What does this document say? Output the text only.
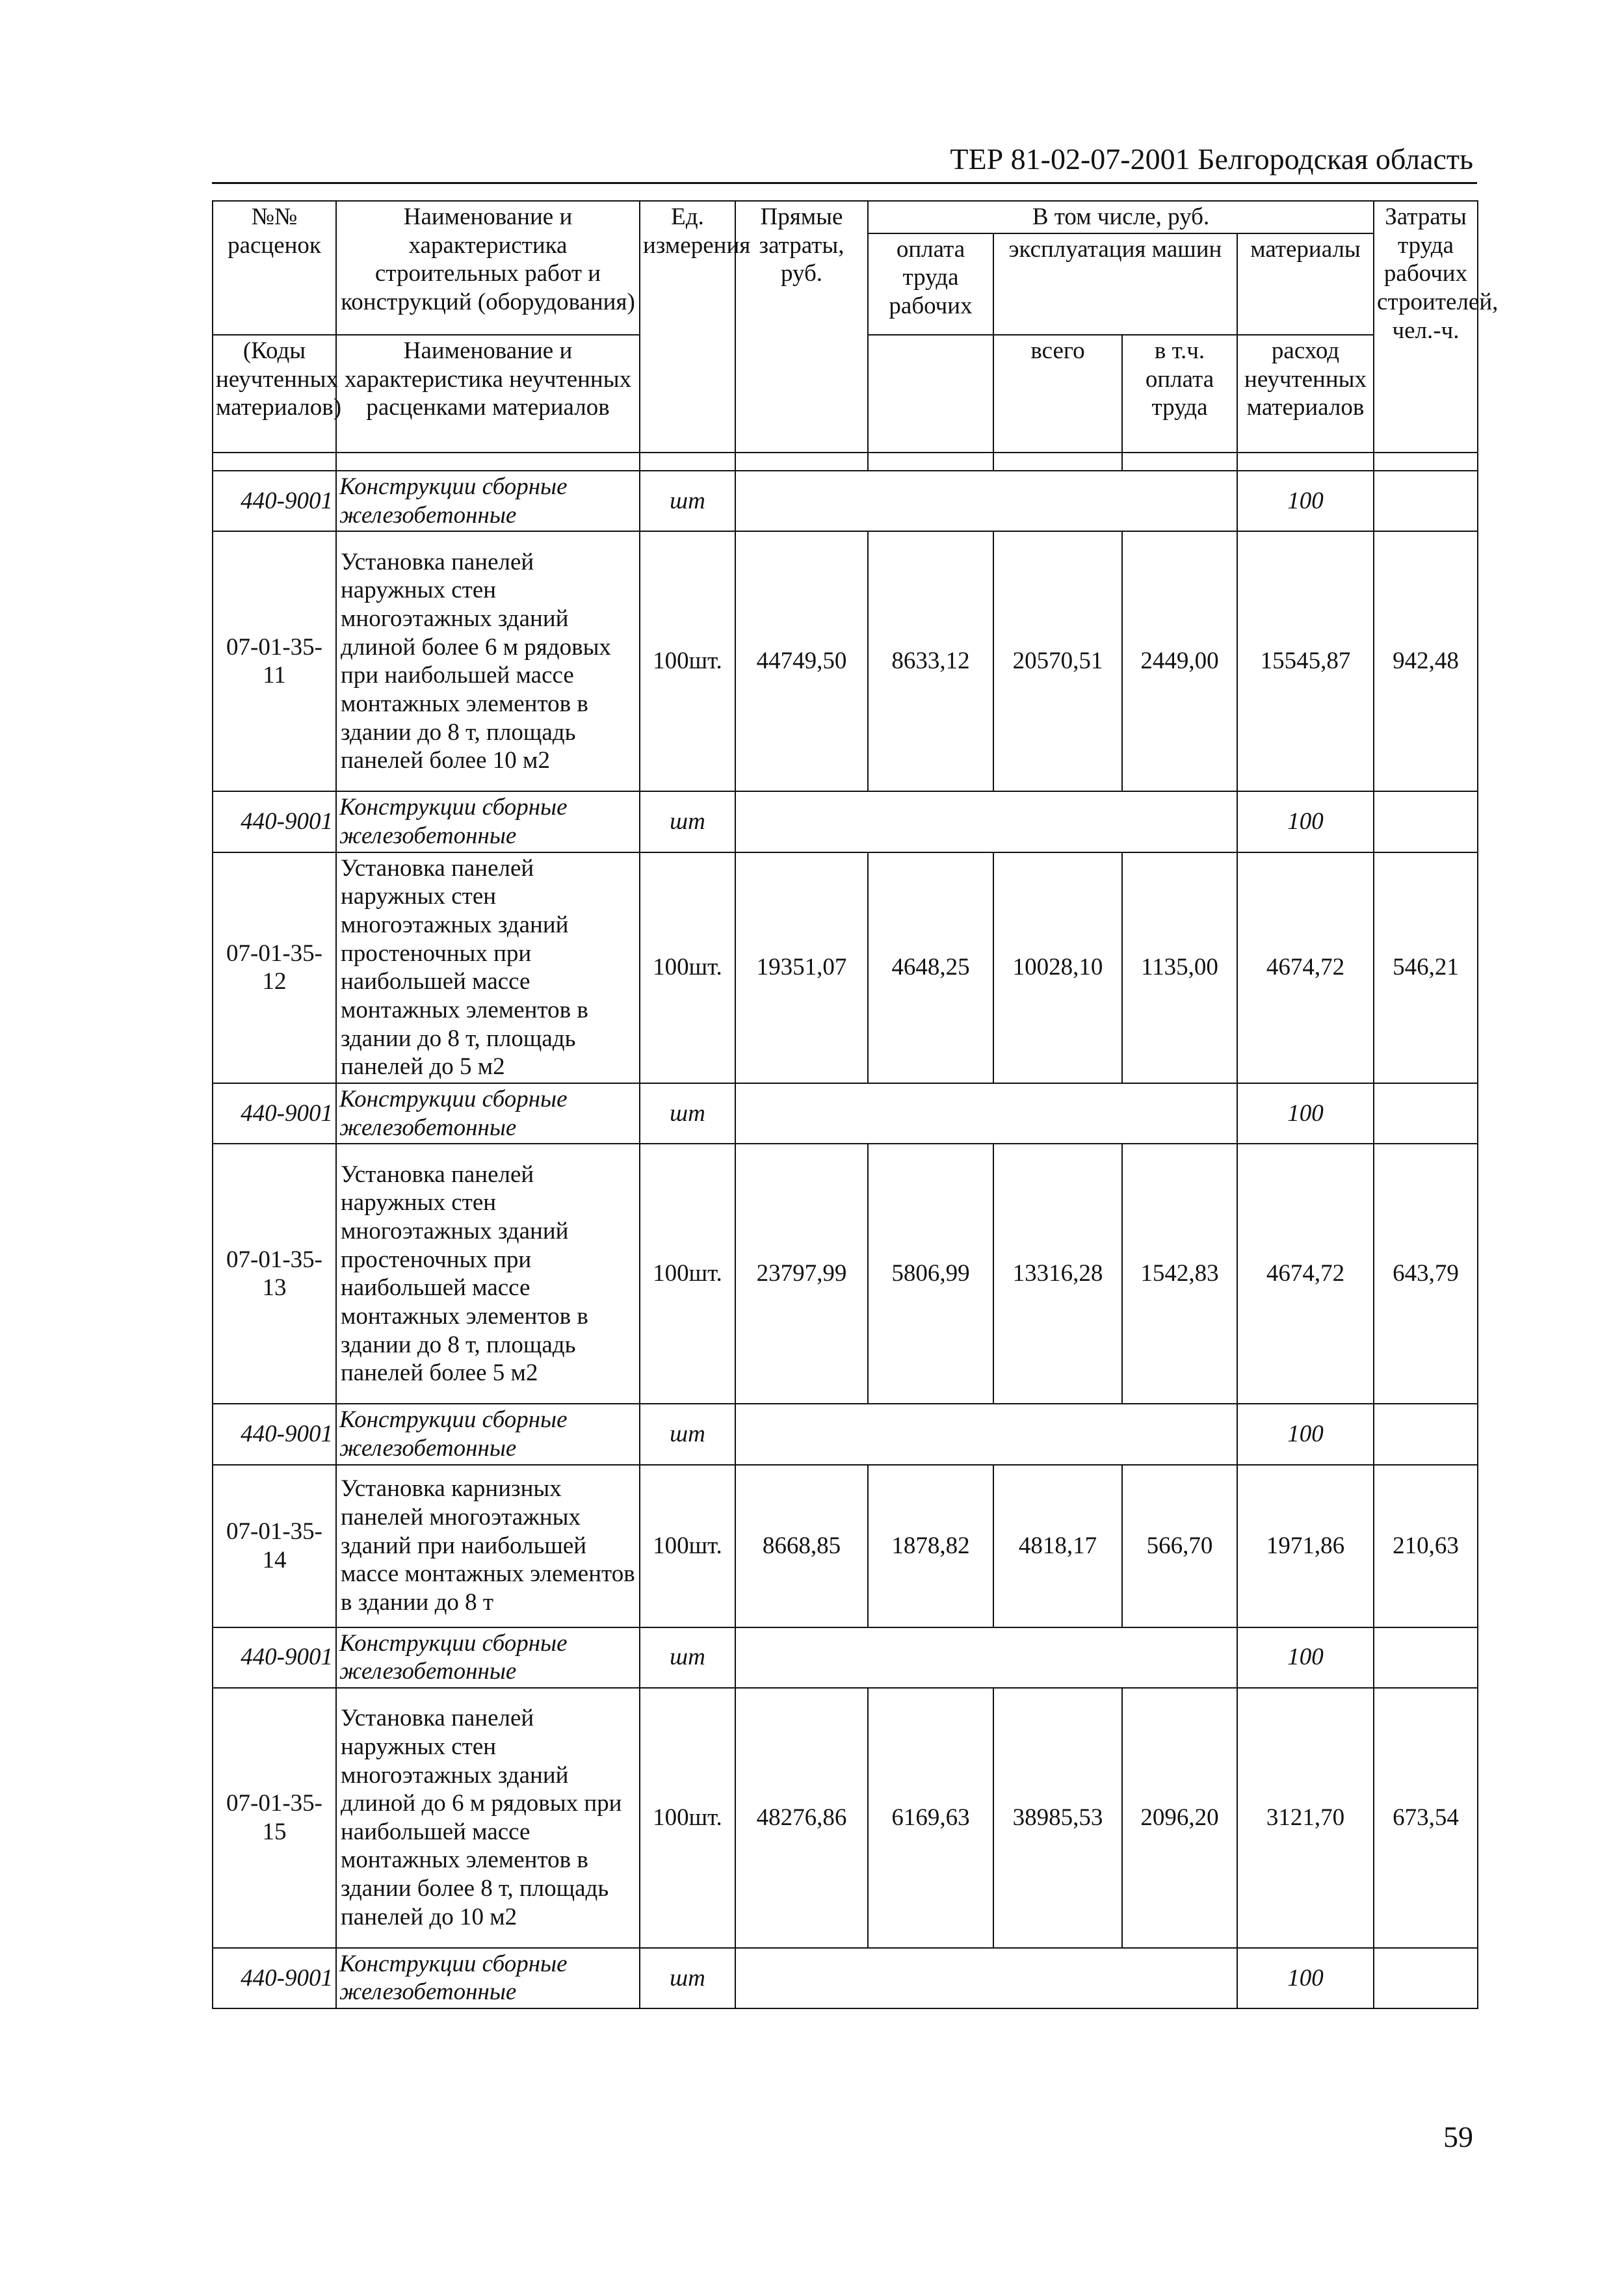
ТЕР 81-02-07-2001 Белгородская область
№№ расценок	Наименование и характеристика строительных работ и конструкций (оборудования)	Ед. измерения	Прямые затраты, руб.	В том числе, руб.				Затраты труда рабочих строителей, чел.-ч.
				оплата труда рабочих	эксплуатация машин		материалы	

(Коды неучтенных материалов)	Наименование и характеристика неучтенных расценками материалов				всего	в т.ч. оплата труда	расход неучтенных материалов	

440-9001	Конструкции сборные железобетонные	шт					100	
07-01-35-11	Установка панелей наружных стен многоэтажных зданий длиной более 6 м рядовых при наибольшей массе монтажных элементов в здании до 8 т, площадь панелей более 10 м2	100шт.	44749,50	8633,12	20570,51	2449,00	15545,87	942,48
440-9001	Конструкции сборные железобетонные	шт					100	
07-01-35-12	Установка панелей наружных стен многоэтажных зданий простеночных при наибольшей массе монтажных элементов в здании до 8 т, площадь панелей до 5 м2	100шт.	19351,07	4648,25	10028,10	1135,00	4674,72	546,21
440-9001	Конструкции сборные железобетонные	шт					100	
07-01-35-13	Установка панелей наружных стен многоэтажных зданий простеночных при наибольшей массе монтажных элементов в здании до 8 т, площадь панелей более 5 м2	100шт.	23797,99	5806,99	13316,28	1542,83	4674,72	643,79
440-9001	Конструкции сборные железобетонные	шт					100	
07-01-35-14	Установка карнизных панелей многоэтажных зданий при наибольшей массе монтажных элементов в здании до 8 т	100шт.	8668,85	1878,82	4818,17	566,70	1971,86	210,63
440-9001	Конструкции сборные железобетонные	шт					100	
07-01-35-15	Установка панелей наружных стен многоэтажных зданий длиной до 6 м рядовых при наибольшей массе монтажных элементов в здании более 8 т, площадь панелей до 10 м2	100шт.	48276,86	6169,63	38985,53	2096,20	3121,70	673,54
440-9001	Конструкции сборные железобетонные	шт					100	
59
